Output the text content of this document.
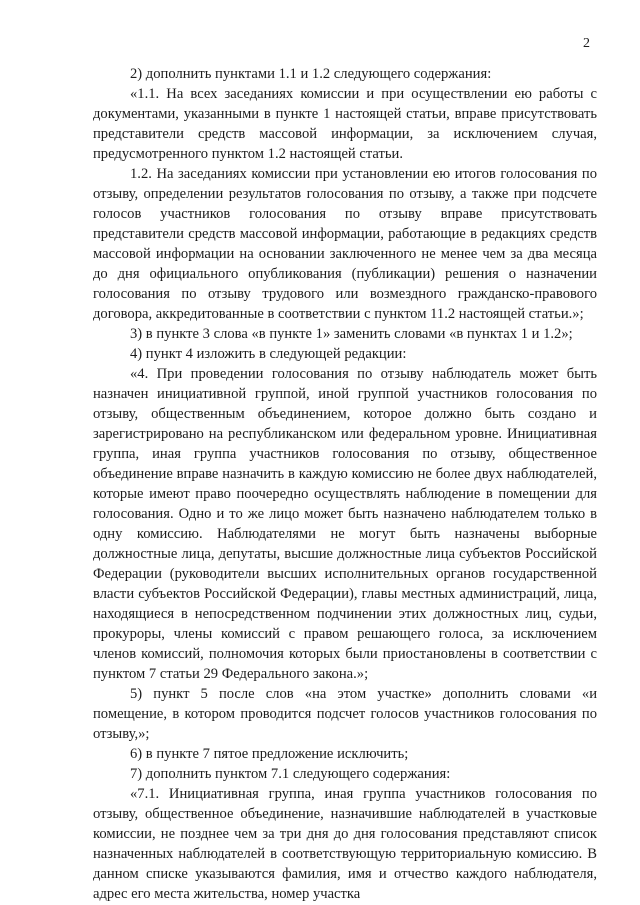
2

2) дополнить пунктами 1.1 и 1.2 следующего содержания:

«1.1. На всех заседаниях комиссии и при осуществлении ею работы с документами, указанными в пункте 1 настоящей статьи, вправе присутствовать представители средств массовой информации, за исключением случая, предусмотренного пунктом 1.2 настоящей статьи.

1.2. На заседаниях комиссии при установлении ею итогов голосования по отзыву, определении результатов голосования по отзыву, а также при подсчете голосов участников голосования по отзыву вправе присутствовать представители средств массовой информации, работающие в редакциях средств массовой информации на основании заключенного не менее чем за два месяца до дня официального опубликования (публикации) решения о назначении голосования по отзыву трудового или возмездного гражданско-правового договора, аккредитованные в соответствии с пунктом 11.2 настоящей статьи.»;

3) в пункте 3 слова «в пункте 1» заменить словами «в пунктах 1 и 1.2»;

4) пункт 4 изложить в следующей редакции:

«4. При проведении голосования по отзыву наблюдатель может быть назначен инициативной группой, иной группой участников голосования по отзыву, общественным объединением, которое должно быть создано и зарегистрировано на республиканском или федеральном уровне. Инициативная группа, иная группа участников голосования по отзыву, общественное объединение вправе назначить в каждую комиссию не более двух наблюдателей, которые имеют право поочередно осуществлять наблюдение в помещении для голосования. Одно и то же лицо может быть назначено наблюдателем только в одну комиссию. Наблюдателями не могут быть назначены выборные должностные лица, депутаты, высшие должностные лица субъектов Российской Федерации (руководители высших исполнительных органов государственной власти субъектов Российской Федерации), главы местных администраций, лица, находящиеся в непосредственном подчинении этих должностных лиц, судьи, прокуроры, члены комиссий с правом решающего голоса, за исключением членов комиссий, полномочия которых были приостановлены в соответствии с пунктом 7 статьи 29 Федерального закона.»;

5) пункт 5 после слов «на этом участке» дополнить словами «и помещение, в котором проводится подсчет голосов участников голосования по отзыву,»;

6) в пункте 7 пятое предложение исключить;

7) дополнить пунктом 7.1 следующего содержания:

«7.1. Инициативная группа, иная группа участников голосования по отзыву, общественное объединение, назначившие наблюдателей в участковые комиссии, не позднее чем за три дня до дня голосования представляют список назначенных наблюдателей в соответствующую территориальную комиссию. В данном списке указываются фамилия, имя и отчество каждого наблюдателя, адрес его места жительства, номер участка
